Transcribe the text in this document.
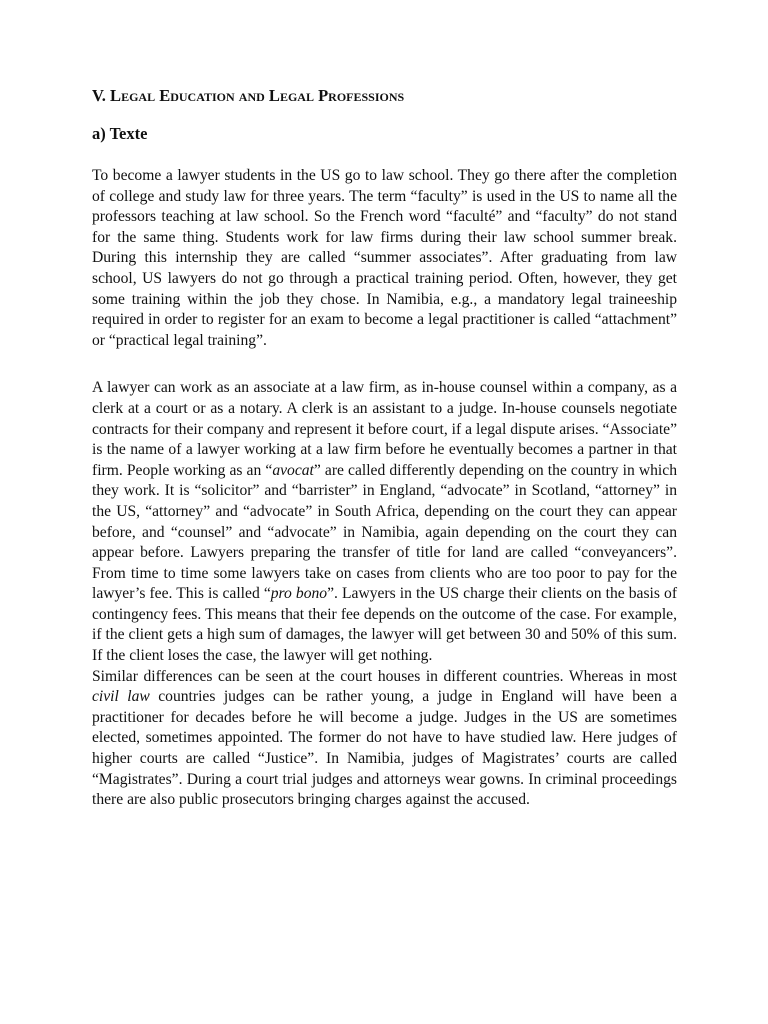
V. Legal Education and Legal Professions
a) Texte

To become a lawyer students in the US go to law school. They go there after the completion of college and study law for three years. The term “faculty” is used in the US to name all the professors teaching at law school. So the French word “faculté” and “faculty” do not stand for the same thing. Students work for law firms during their law school summer break. During this internship they are called “summer associates”. After graduating from law school, US lawyers do not go through a practical training period. Often, however, they get some training within the job they chose. In Namibia, e.g., a mandatory legal traineeship required in order to register for an exam to become a legal practitioner is called “attachment” or “practical legal training”.

A lawyer can work as an associate at a law firm, as in-house counsel within a company, as a clerk at a court or as a notary. A clerk is an assistant to a judge. In-house counsels negotiate contracts for their company and represent it before court, if a legal dispute arises. “Associate” is the name of a lawyer working at a law firm before he eventually becomes a partner in that firm. People working as an “avocat” are called differently depending on the country in which they work. It is “solicitor” and “barrister” in England, “advocate” in Scotland, “attorney” in the US, “attorney” and “advocate” in South Africa, depending on the court they can appear before, and “counsel” and “advocate” in Namibia, again depending on the court they can appear before. Lawyers preparing the transfer of title for land are called “conveyancers”. From time to time some lawyers take on cases from clients who are too poor to pay for the lawyer’s fee. This is called “pro bono”. Lawyers in the US charge their clients on the basis of contingency fees. This means that their fee depends on the outcome of the case. For example, if the client gets a high sum of damages, the lawyer will get between 30 and 50% of this sum. If the client loses the case, the lawyer will get nothing.

Similar differences can be seen at the court houses in different countries. Whereas in most civil law countries judges can be rather young, a judge in England will have been a practitioner for decades before he will become a judge. Judges in the US are sometimes elected, sometimes appointed. The former do not have to have studied law. Here judges of higher courts are called “Justice”. In Namibia, judges of Magistrates’ courts are called “Magistrates”. During a court trial judges and attorneys wear gowns. In criminal proceedings there are also public prosecutors bringing charges against the accused.
